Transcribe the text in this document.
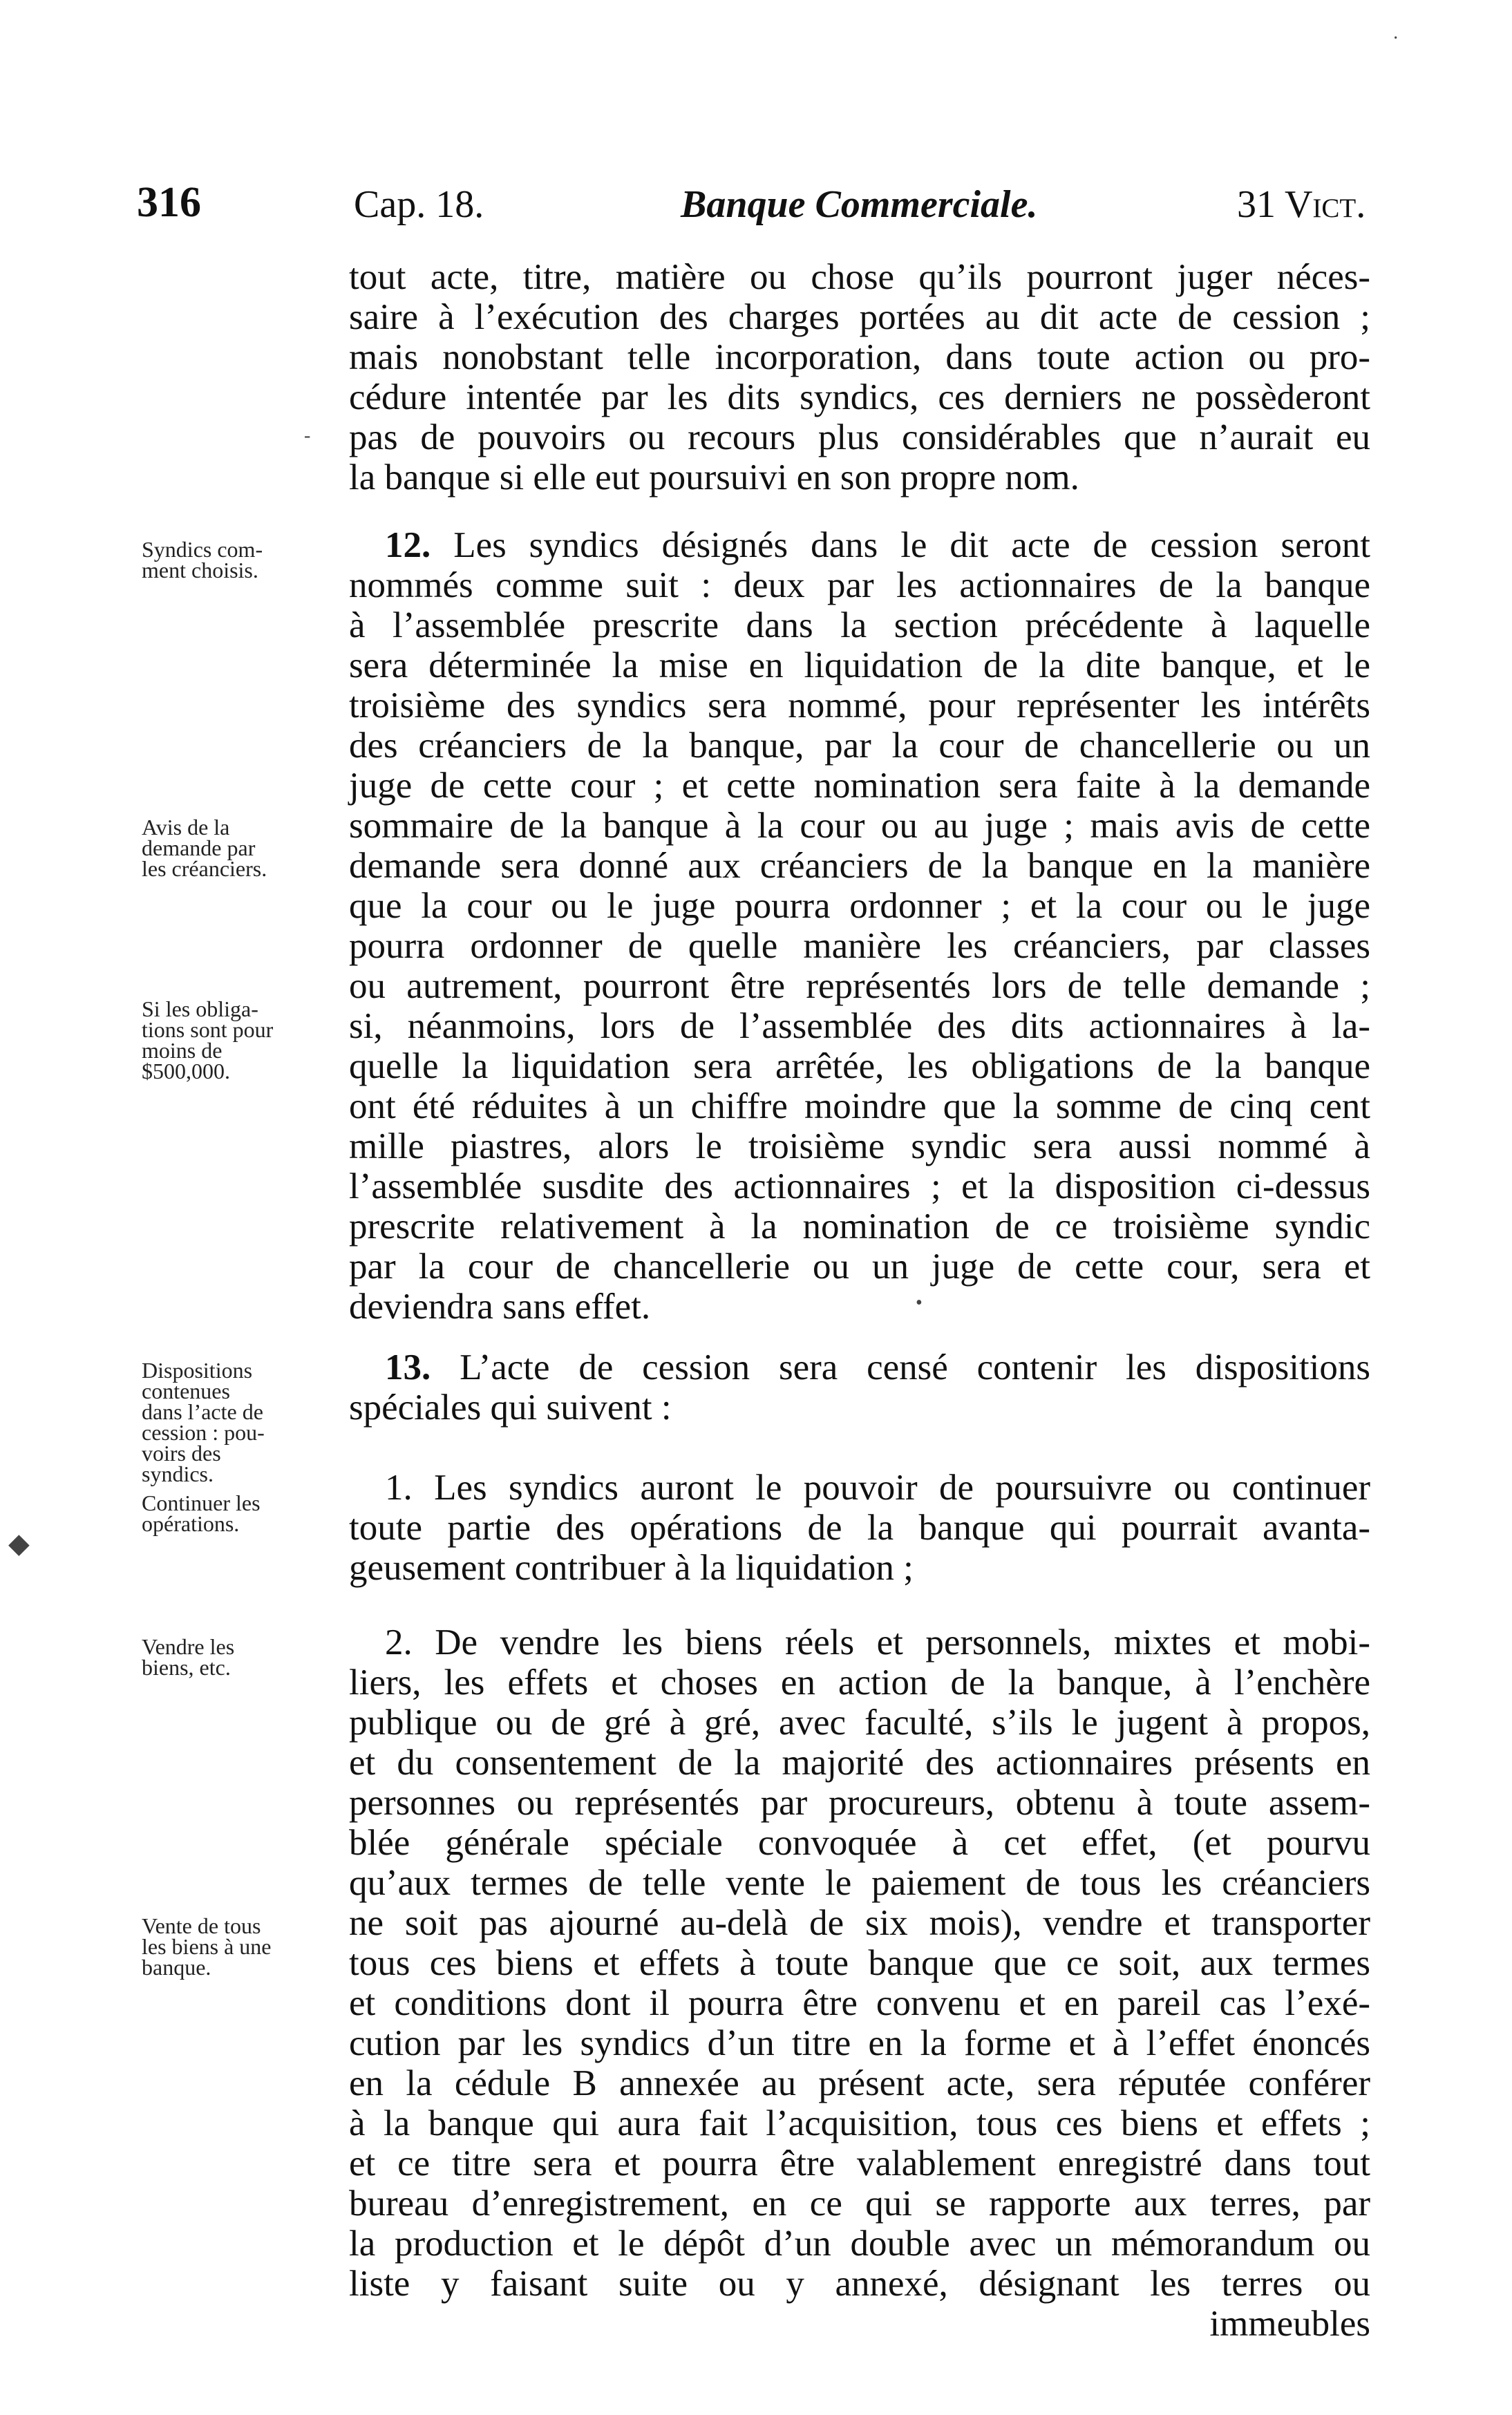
316	Cap. 18.	Banque Commerciale.	31 Vict.
tout acte, titre, matière ou chose qu’ils pourront juger néces-
saire à l’exécution des charges portées au dit acte de cession ;
mais nonobstant telle incorporation, dans toute action ou pro-
cédure intentée par les dits syndics, ces derniers ne possèderont
pas de pouvoirs ou recours plus considérables que n’aurait eu
la banque si elle eut poursuivi en son propre nom.
12. Les syndics désignés dans le dit acte de cession seront
nommés comme suit : deux par les actionnaires de la banque
à l’assemblée prescrite dans la section précédente à laquelle
sera déterminée la mise en liquidation de la dite banque, et le
troisième des syndics sera nommé, pour représenter les intérêts
des créanciers de la banque, par la cour de chancellerie ou un
juge de cette cour ; et cette nomination sera faite à la demande
sommaire de la banque à la cour ou au juge ; mais avis de cette
demande sera donné aux créanciers de la banque en la manière
que la cour ou le juge pourra ordonner ; et la cour ou le juge
pourra ordonner de quelle manière les créanciers, par classes
ou autrement, pourront être représentés lors de telle demande ;
si, néanmoins, lors de l’assemblée des dits actionnaires à la-
quelle la liquidation sera arrêtée, les obligations de la banque
ont été réduites à un chiffre moindre que la somme de cinq cent
mille piastres, alors le troisième syndic sera aussi nommé à
l’assemblée susdite des actionnaires ; et la disposition ci-dessus
prescrite relativement à la nomination de ce troisième syndic
par la cour de chancellerie ou un juge de cette cour, sera et
deviendra sans effet.
13. L’acte de cession sera censé contenir les dispositions
spéciales qui suivent :
1. Les syndics auront le pouvoir de poursuivre ou continuer
toute partie des opérations de la banque qui pourrait avanta-
geusement contribuer à la liquidation ;
2. De vendre les biens réels et personnels, mixtes et mobi-
liers, les effets et choses en action de la banque, à l’enchère
publique ou de gré à gré, avec faculté, s’ils le jugent à propos,
et du consentement de la majorité des actionnaires présents en
personnes ou représentés par procureurs, obtenu à toute assem-
blée générale spéciale convoquée à cet effet, (et pourvu
qu’aux termes de telle vente le paiement de tous les créanciers
ne soit pas ajourné au-delà de six mois), vendre et transporter
tous ces biens et effets à toute banque que ce soit, aux termes
et conditions dont il pourra être convenu et en pareil cas l’exé-
cution par les syndics d’un titre en la forme et à l’effet énoncés
en la cédule B annexée au présent acte, sera réputée conférer
à la banque qui aura fait l’acquisition, tous ces biens et effets ;
et ce titre sera et pourra être valablement enregistré dans tout
bureau d’enregistrement, en ce qui se rapporte aux terres, par
la production et le dépôt d’un double avec un mémorandum ou
liste y faisant suite ou y annexé, désignant les terres ou
immeubles
Syndics com-
ment choisis.
Avis de la
demande par
les créanciers.
Si les obliga-
tions sont pour
moins de
$500,000.
Dispositions
contenues
dans l’acte de
cession : pou-
voirs des
syndics.
Continuer les
opérations.
Vendre les
biens, etc.
Vente de tous
les biens à une
banque.
◆
-
•
·
